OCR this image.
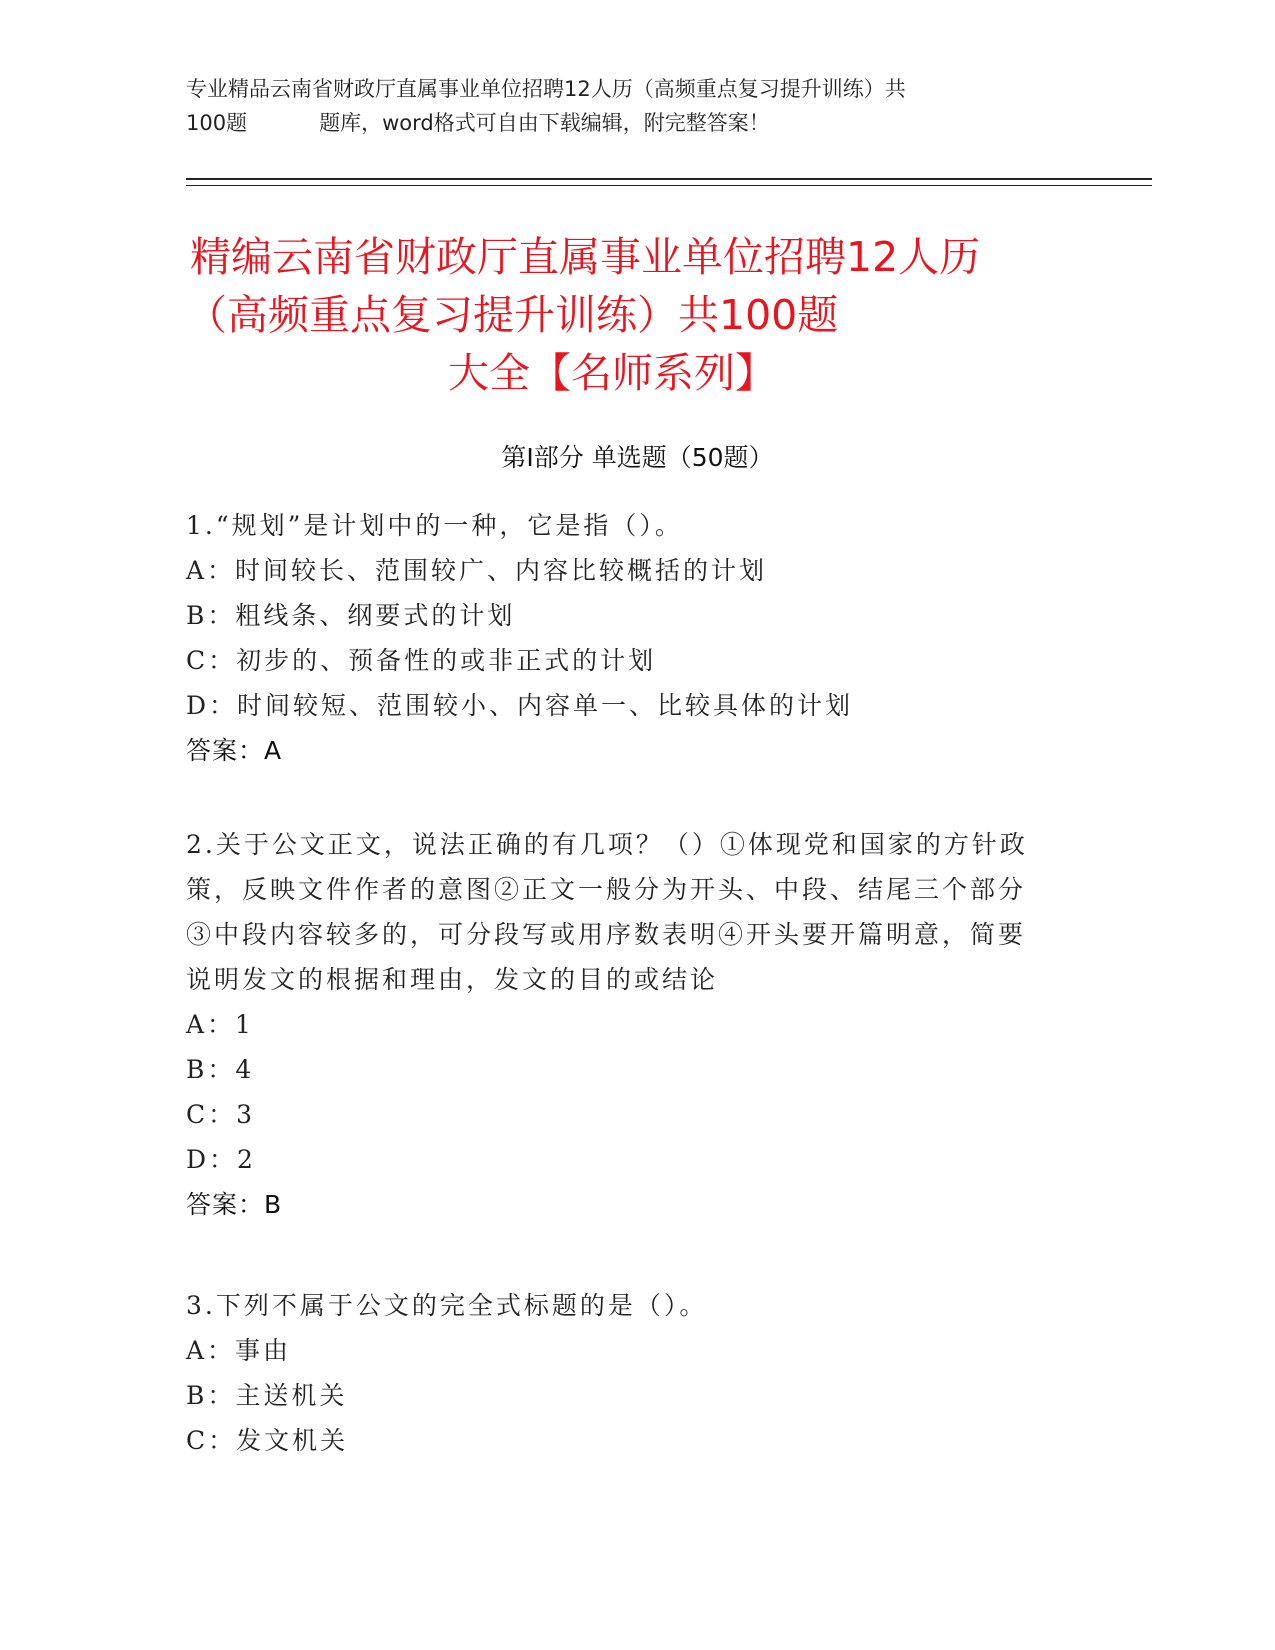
专业精品云南省财政厅直属事业单位招聘12人历（高频重点复习提升训练）共
100题	题库，word格式可自由下载编辑，附完整答案！
精编云南省财政厅直属事业单位招聘12人历
（高频重点复习提升训练）共100题
大全【名师系列】
第I部分 单选题（50题）
1.“规划”是计划中的一种，它是指（）。
A：时间较长、范围较广、内容比较概括的计划
B：粗线条、纲要式的计划
C：初步的、预备性的或非正式的计划
D：时间较短、范围较小、内容单一、比较具体的计划
答案：A
2.关于公文正文，说法正确的有几项？（）①体现党和国家的方针政
策，反映文件作者的意图②正文一般分为开头、中段、结尾三个部分
③中段内容较多的，可分段写或用序数表明④开头要开篇明意，简要
说明发文的根据和理由，发文的目的或结论
A：1
B：4
C：3
D：2
答案：B
3.下列不属于公文的完全式标题的是（）。
A：事由
B：主送机关
C：发文机关
